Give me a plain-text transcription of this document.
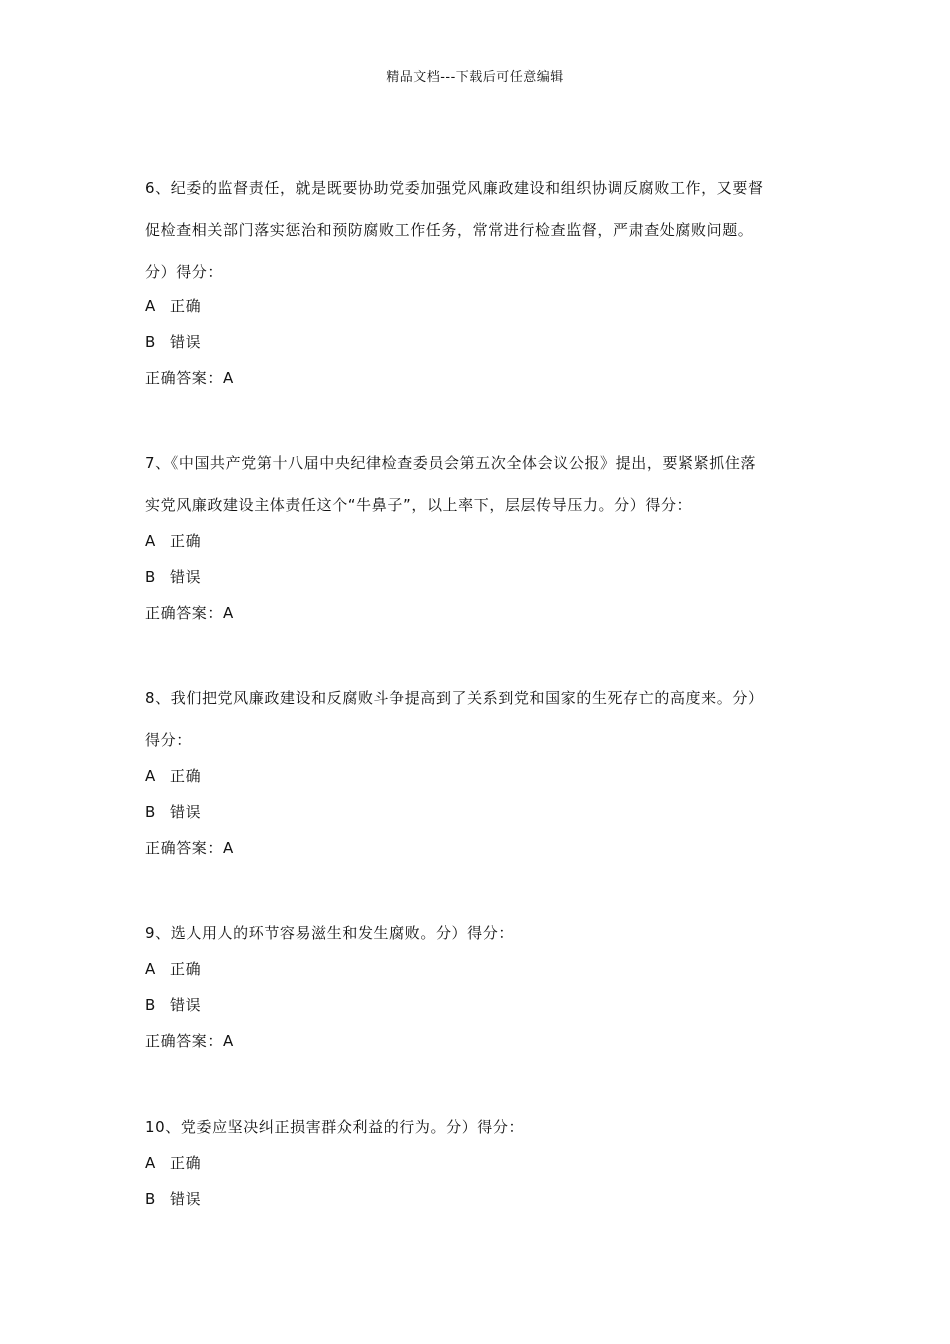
精品文档---下载后可任意编辑
6、纪委的监督责任，就是既要协助党委加强党风廉政建设和组织协调反腐败工作，又要督
促检查相关部门落实惩治和预防腐败工作任务，常常进行检查监督，严肃查处腐败问题。
分）得分：
A 正确
B 错误
正确答案：A
7、《中国共产党第十八届中央纪律检查委员会第五次全体会议公报》提出，要紧紧抓住落
实党风廉政建设主体责任这个“牛鼻子”，以上率下，层层传导压力。分）得分：
A 正确
B 错误
正确答案：A
8、我们把党风廉政建设和反腐败斗争提高到了关系到党和国家的生死存亡的高度来。分）
得分：
A 正确
B 错误
正确答案：A
9、选人用人的环节容易滋生和发生腐败。分）得分：
A 正确
B 错误
正确答案：A
10、党委应坚决纠正损害群众利益的行为。分）得分：
A 正确
B 错误
